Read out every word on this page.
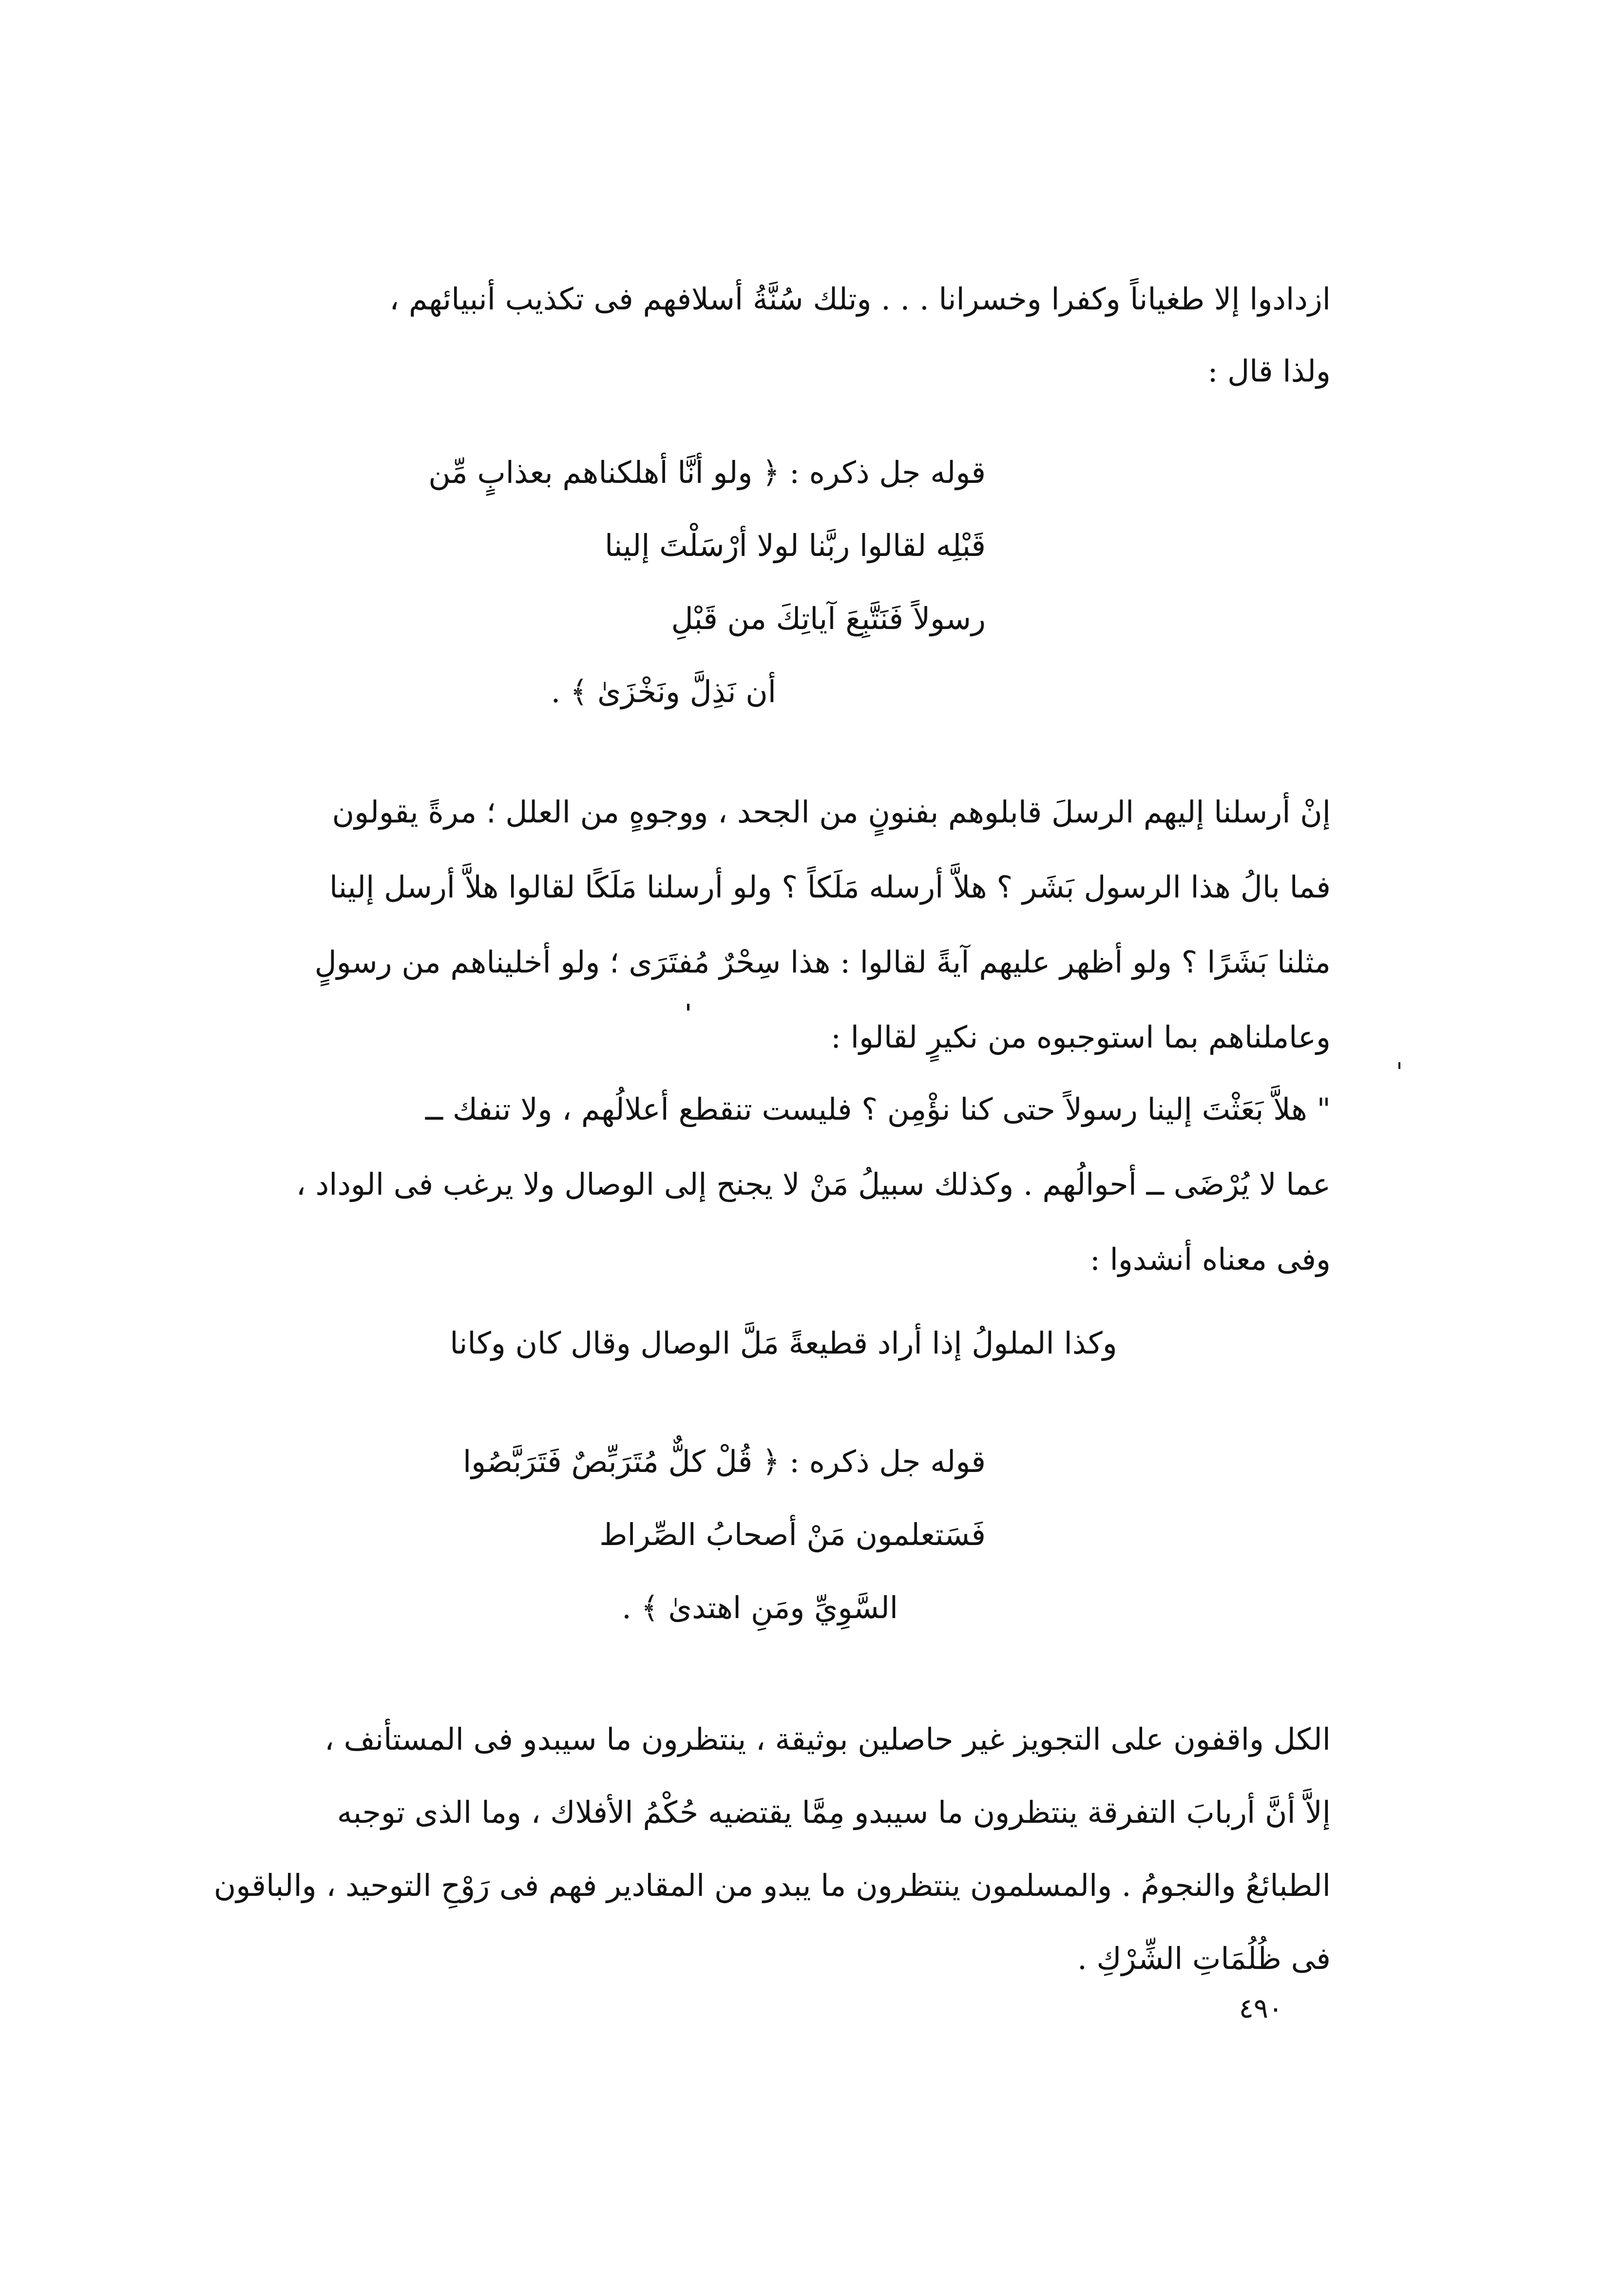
ازدادوا إلا طغياناً وكفرا وخسرانا . . . وتلك سُنَّةُ أسلافهم فى تكذيب أنبيائهم ،
ولذا قال :
قوله جل ذكره : ﴿ ولو أنَّا أهلكناهم بعذابٍ مِّن
قَبْلِه لقالوا ربَّنا لولا أرْسَلْتَ إلينا
رسولاً فَنَتَّبِعَ آياتِكَ من قَبْلِ
أن نَذِلَّ ونَخْزَىٰ ﴾ .
إنْ أرسلنا إليهم الرسلَ قابلوهم بفنونٍ من الجحد ، ووجوهٍ من العلل ؛ مرةً يقولون
فما بالُ هذا الرسول بَشَر ؟ هلاَّ أرسله مَلَكاً ؟ ولو أرسلنا مَلَكًا لقالوا هلاَّ أرسل إلينا
مثلنا بَشَرًا ؟ ولو أظهر عليهم آيةً لقالوا : هذا سِحْرٌ مُفتَرَى ؛ ولو أخليناهم من رسولٍ
وعاملناهم بما استوجبوه من نكيرٍ لقالوا :
" هلاَّ بَعَثْتَ إلينا رسولاً حتى كنا نؤْمِن ؟ فليست تنقطع أعلالُهم ، ولا تنفك ــ
عما لا يُرْضَى ــ أحوالُهم . وكذلك سبيلُ مَنْ لا يجنح إلى الوصال ولا يرغب فى الوداد ،
وفى معناه أنشدوا :
وكذا الملولُ إذا أراد قطيعةً مَلَّ الوصال وقال كان وكانا
قوله جل ذكره : ﴿ قُلْ كلٌّ مُتَرَبِّصٌ فَتَرَبَّصُوا
فَسَتعلمون مَنْ أصحابُ الصِّراط
السَّوِيِّ ومَنِ اهتدىٰ ﴾ .
الكل واقفون على التجويز غير حاصلين بوثيقة ، ينتظرون ما سيبدو فى المستأنف ،
إلاَّ أنَّ أربابَ التفرقة ينتظرون ما سيبدو مِمَّا يقتضيه حُكْمُ الأفلاك ، وما الذى توجبه
الطبائعُ والنجومُ . والمسلمون ينتظرون ما يبدو من المقادير فهم فى رَوْحِ التوحيد ، والباقون
فى ظُلُمَاتِ الشِّرْكِ .
٤٩٠
